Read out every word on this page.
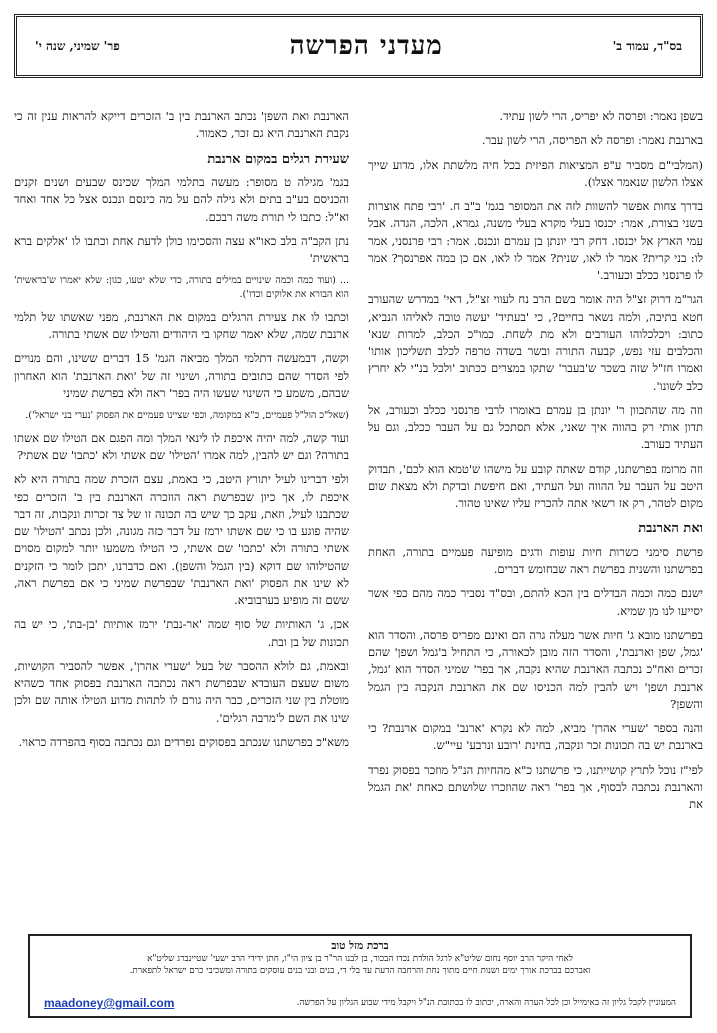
בס"ד, עמוד ב'
מעדני הפרשה
פר' שמיני, שנה י'

בשפן נאמר: ופרסה לא יפריס, הרי לשון עתיד.

בארנבת נאמר: ופרסה לא הפריסה, הרי לשון עבר.

(המלבי"ם מסביר ע"פ המציאות הפיזית בכל חיה מלשתת אלו, מדוע שייך אצלו הלשון שנאמר אצלו).

בדרך צחות אפשר להשוות לזה את המסופר בגמ' ב"ב ח. 'רבי פתח אוצרות בשני בצורת, אמר: יכנסו בעלי מקרא בעלי משנה, גמרא, הלכה, הגדה. אבל עמי הארץ אל יכנסו. דחק רבי יונתן בן עמרם ונכנס. אמר: רבי פרנסני, אמר לו: בני קרית? אמר לו לאו, שנית? אמר לו לאו, אם כן במה אפרנסך? אמר לו פרנסני ככלב וכעורב.'

הגר"מ דרוק זצ"ל היה אומר בשם הרב נח לעווי זצ"ל, דאי' במדרש שהעורב חטא בתיבה, ולמה נשאר בחיים?, כי 'בעתיד' יעשה טובה לאליהו הנביא, כתוב: ויכלכלוהו העורבים ולא מת לשחת. כמו"כ הכלב, למרות שנא' והכלבים עזי נפש, קבעה התורה ובשר בשדה טרפה לכלב תשליכון אותו' ואמרו חז"ל שזה בשכר ש'בעבר' שתקו במצרים ככתוב 'ולכל בנ"י לא יחרץ כלב לשונו'.

וזה מה שהתכוון ר' יונתן בן עמרם באומרו לרבי פרנסני ככלב וכעורב, אל תדון אותי רק בהווה איך שאני, אלא תסתכל גם על העבר ככלב, וגם על העתיד כעורב.

וזה מרומז בפרשתנו, קודם שאתה קובע על מישהו ש'טמא הוא לכם', תבדוק היטב על העבר על ההווה ועל העתיד, ואם חיפשת ובדקת ולא מצאת שום מקום לטהר, רק אז רשאי אתה להכריז עליו שאינו טהור.

ואת הארנבת

פרשת סימני כשרות חיות עופות ודגים מופיעה פעמיים בתורה, האחת בפרשתנו והשנית בפרשת ראה שבחומש דברים.

ישנם כמה וכמה הבדלים בין הכא להתם, ובס"ד נסביר כמה מהם כפי אשר יסייעו לנו מן שמיא.

בפרשתנו מובא ג' חיות אשר מעלה גרה הם ואינם מפריס פרסה, והסדר הוא 'גמל, שפן וארנבת', והסדר הזה מובן לכאורה, כי התחיל ב'גמל ושפן' שהם זכרים ואח"כ נכתבה הארנבת שהיא נקבה, אך בפר' שמיני הסדר הוא 'גמל, ארנבת ושפן' ויש להבין למה הכניסו שם את הארנבת הנקבה בין הגמל והשפן?

והנה בספר 'שערי אהרן' מביא, למה לא נקרא 'ארנב' במקום ארנבת? כי בארנבת יש בה תכונות זכר ונקבה, בחינת 'רובע ונרבע' עיי"ש.

לפי"ז נוכל לתרץ קושייתנו, כי פרשתנו כ"א מהחיות הנ"ל מוזכר בפסוק נפרד והארנבת נכתבה לבסוף, אך בפר' ראה שהוזכרו שלושתם כאחת 'את הגמל את

הארנבת ואת השפן' נכתב הארנבת בין ב' הזכרים דייקא להראות ענין זה כי נקבת הארנבת היא גם זכר, כאמור.

שעירת רגלים במקום ארנבת

בגמ' מגילה ט מסופר: מעשה בתלמי המלך שכינס שבעים ושנים זקנים והכניסם בע"ב בתים ולא גילה להם על מה כינסם ונכנס אצל כל אחד ואחד וא"ל: כתבו לי תורת משה רבכם.

נתן הקב"ה בלב כאו"א עצה והסכימו כולן לדעת אחת וכתבו לו 'אלקים ברא בראשית'

... (ועוד כמה וכמה שינויים במילים בתורה, כדי שלא יטעו, כגון: שלא יאמרו ש'בראשית' הוא הבורא את אלוקים וכדו').

וכתבו לו את צעירת הרגלים במקום את הארנבת, מפני שאשתו של תלמי ארנבת שמה, שלא יאמר שחקו בי היהודים והטילו שם אשתי בתורה.

וקשה, דבמעשה דתלמי המלך מביאה הגמ' 15 דברים ששינו, והם מנויים לפי הסדר שהם כתובים בתורה, ושינוי זה של 'ואת הארנבת' הוא האחרון שבהם, משמע כי השינוי שעשו היה בפר' ראה ולא בפרשת שמיני

(שאל"כ הול"ל פעמיים, כ"א במקומה, וכפי שציינו פעמיים את הפסוק 'נערי בני ישראל').

ועוד קשה, למה יהיה איכפת לו לינאי המלך ומה הפגם אם הטילו שם אשתו בתורה? וגם יש להבין, למה אמרו 'הטילו' שם אשתי ולא 'כתבו' שם אשתי?

ולפי דברינו לעיל יתורץ היטב, כי באמת, עצם הזכרת שמה בתורה היא לא איכפת לו, אך כיון שבפרשת ראה הוזכרה הארנבת בין ב' הזכרים כפי שכתבנו לעיל, וזאת, עקב כך שיש בה תכונה זו של צד זכרות ונקבות, זה דבר שהיה פוגע בו כי שם אשתו ירמז על דבר כזה מגונה, ולכן נכתב 'הטילו' שם אשתי בתורה ולא 'כתבו' שם אשתי, כי הטילו משמעו יותר למקום מסוים שהטילוהו שם דוקא (בין הגמל והשפן). ואם כדברנו, יתכן לומר כי הזקנים לא שינו את הפסוק 'ואת הארנבת' שבפרשת שמיני כי אם בפרשת ראה, ששם זה מופיע בערבוביא.

אכן, ג' האותיות של סוף שמה 'אר-נבת' ירמז אותיות 'בן-בת', כי יש בה תכונות של בן ובת.

ובאמת, גם לולא ההסבר של בעל 'שערי אהרן', אפשר להסביר הקושיות, משום שעצם העובדא שבפרשת ראה נכתבה הארנבת בפסוק אחד כשהיא מוטלת בין שני הזכרים, כבר היה גורם לו לתהות מדוע הטילו אותה שם ולכן שינו את השם ל'מרבה רגלים'.

משא"כ בפרשתנו שנכתב בפסוקים נפרדים וגם נכתבה בסוף בהפרדה כראוי.

ברכת מזל טוב
לאחי היקר הרב יוסף נחום שליט"א לרגל הולדת נכדו הבכור, בן לבנו הר"ר בן ציון הי"ו, חתן ידידי הרב ישעי' שטיינברג שליט"א
ואברכם בברכת אורך ימים ושנות חיים מתוך נחת והרחבה הדעת עד בלי די, בנים ובני בנים עוסקים בתורה ומשכיבי כרם ישראל לתפארת.
המעוניין לקבל גליון זה באימייל וכן לכל הערה והארה, יכתוב לו בכתובת הנ"ל ויקבל מידי שבוע הגליון על הפרשה.
maadoney@gmail.com
